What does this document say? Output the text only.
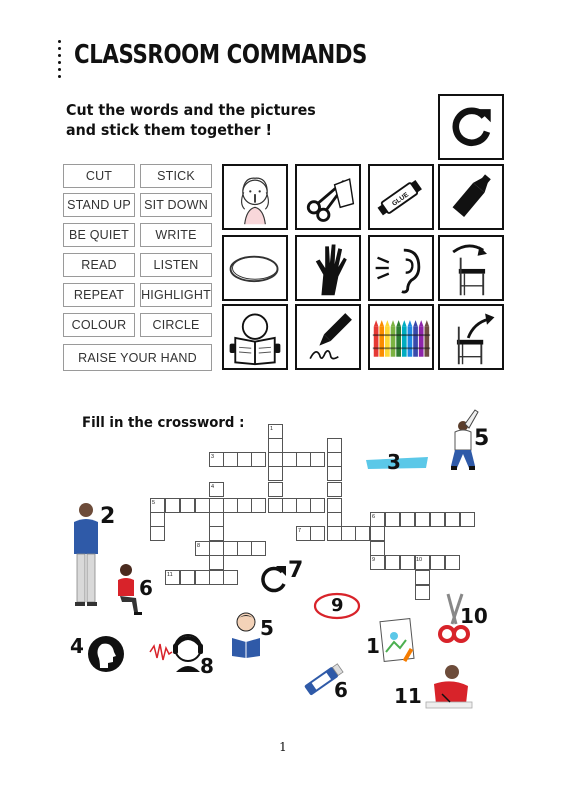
CLASSROOM COMMANDS
Cut the words and the pictures
and stick them together !
CUT	STICK
STAND UP	SIT DOWN
BE QUIET	WRITE
READ	LISTEN
REPEAT	HIGHLIGHT
COLOUR	CIRCLE
RAISE YOUR HAND
GLUE
Fill in the crossword :	1
3
4
5
6
7
8
9	10
11
3
5
2
6
7
9	10
5
4
8
1
6 11
1
